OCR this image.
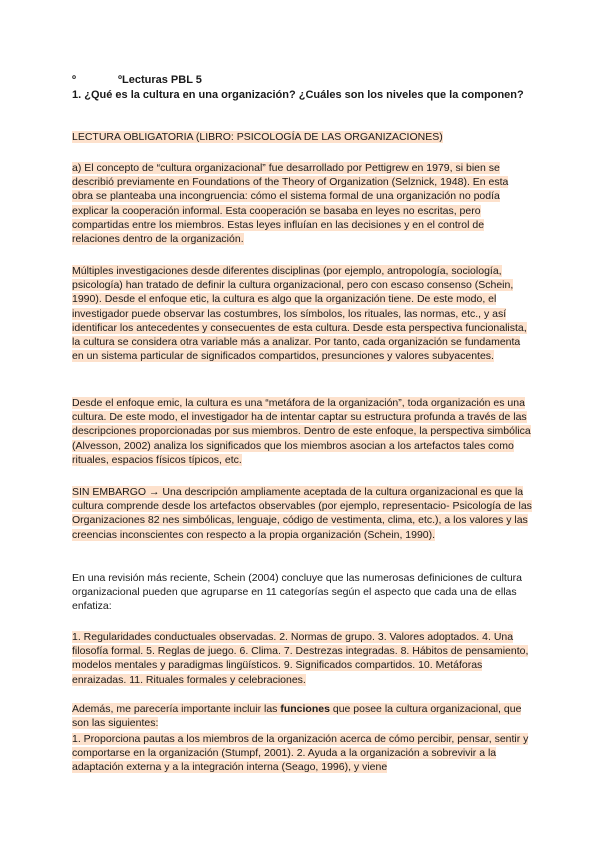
º	ºLecturas PBL 5
1. ¿Qué es la cultura en una organización? ¿Cuáles son los niveles que la componen?
LECTURA OBLIGATORIA (LIBRO: PSICOLOGÍA DE LAS ORGANIZACIONES)
a) El concepto de “cultura organizacional” fue desarrollado por Pettigrew en 1979, si bien se describió previamente en Foundations of the Theory of Organization (Selznick, 1948). En esta obra se planteaba una incongruencia: cómo el sistema formal de una organización no podía explicar la cooperación informal. Esta cooperación se basaba en leyes no escritas, pero compartidas entre los miembros. Estas leyes influían en las decisiones y en el control de relaciones dentro de la organización.
Múltiples investigaciones desde diferentes disciplinas (por ejemplo, antropología, sociología, psicología) han tratado de definir la cultura organizacional, pero con escaso consenso (Schein, 1990). Desde el enfoque etic, la cultura es algo que la organización tiene. De este modo, el investigador puede observar las costumbres, los símbolos, los rituales, las normas, etc., y así identificar los antecedentes y consecuentes de esta cultura. Desde esta perspectiva funcionalista, la cultura se considera otra variable más a analizar. Por tanto, cada organización se fundamenta en un sistema particular de significados compartidos, presunciones y valores subyacentes.
Desde el enfoque emic, la cultura es una “metáfora de la organización”, toda organización es una cultura. De este modo, el investigador ha de intentar captar su estructura profunda a través de las descripciones proporcionadas por sus miembros. Dentro de este enfoque, la perspectiva simbólica (Alvesson, 2002) analiza los significados que los miembros asocian a los artefactos tales como rituales, espacios físicos típicos, etc.
SIN EMBARGO → Una descripción ampliamente aceptada de la cultura organizacional es que la cultura comprende desde los artefactos observables (por ejemplo, representacio- Psicología de las Organizaciones 82 nes simbólicas, lenguaje, código de vestimenta, clima, etc.), a los valores y las creencias inconscientes con respecto a la propia organización (Schein, 1990).
En una revisión más reciente, Schein (2004) concluye que las numerosas definiciones de cultura organizacional pueden que agruparse en 11 categorías según el aspecto que cada una de ellas enfatiza:
1. Regularidades conductuales observadas. 2. Normas de grupo. 3. Valores adoptados. 4. Una filosofía formal. 5. Reglas de juego. 6. Clima. 7. Destrezas integradas. 8. Hábitos de pensamiento, modelos mentales y paradigmas lingüísticos. 9. Significados compartidos. 10. Metáforas enraizadas. 11. Rituales formales y celebraciones.
Además, me parecería importante incluir las funciones que posee la cultura organizacional, que son las siguientes:
1. Proporciona pautas a los miembros de la organización acerca de cómo percibir, pensar, sentir y comportarse en la organización (Stumpf, 2001). 2. Ayuda a la organización a sobrevivir a la adaptación externa y a la integración interna (Seago, 1996), y viene
